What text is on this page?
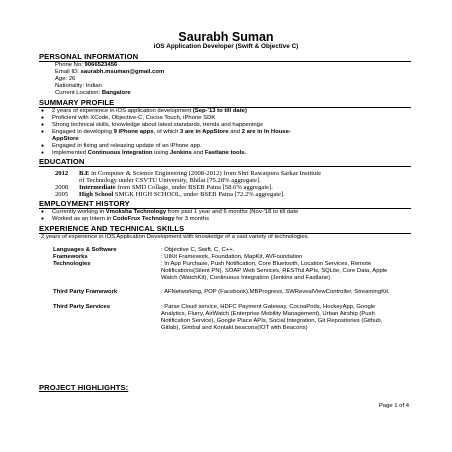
Saurabh Suman
iOS Application Developer (Swift & Objective C)
PERSONAL INFORMATION
Phone No: 9066523456
Email ID: saurabh.msuman@gmail.com
Age: 26
Nationality: Indian
Current Location: Bangalore
SUMMARY PROFILE
● 2 years of experience in iOS application development (Sep-'13 to till date)
● Proficient with XCode, Objective-C, Cocoa Touch, iPhone SDK
● Strong technical skills, knowledge about latest standards, trends and happenings
● Engaged in developing 9 iPhone apps, of which 3 are in AppStore and 2 are in In House-
AppStore
● Engaged in fixing and releasing update of an iPhone app.
● Implemented Continuous Integration using Jenkins and Fastlane tools.
EDUCATION
2012 B.E in Computer & Science Engineering (2008-2012) from Shri Rawatpura Sarkar Institute
of Technology under CSVTU University, Bhilai [75.28% aggregate].
2008 Intermediate from SMD Collage, under BSEB Patna [58.6% aggregate].
2005 High School SMGK HIGH SCHOOL, under BSEB Patna [72.2% aggregate].
EMPLOYMENT HISTORY
● Currently working in Vmoksha Technology from past 1 year and 6 months (Nov-'18 to till date
● Worked as an Intern in CodeFrux Technology for 3 months
EXPERIENCE AND TECHNICAL SKILLS
2 years of experience in iOS Application Development with knowledge of a vast variety of technologies.
Languages & Software	: Objective C, Swift, C, C++.
Frameworks	: UIKit Framework, Foundation, MapKit, AVFoundation
Technologies	: In App Purchase, Push Notification, Core Bluetooth, Location Services, Remote Notifications(Silent PN), SOAP Web Services, RESTful APIs, SQLite, Core Data, Apple Watch (WatchKit), Continuous Integration (Jenkins and Fastlane)
Third Party Framework	: AFNetworking, POP (Facebook),MBProgress, SWRevealViewController, StreamingKit.
Third Party Services	: Parse Cloud service, HDFC Payment Gateway, CocoaPods, HockeyApp, Google Analytics, Flurry, AirWatch (Enterprise Mobility Management), Urban Airship (Push Notification Service), Google Place APIs, Social Integration, Git Repositories (Github, Gitlab), Gimbal and Kontakt beacons(IOT with Beacons)
PROJECT HIGHLIGHTS:
Page 1 of 4
